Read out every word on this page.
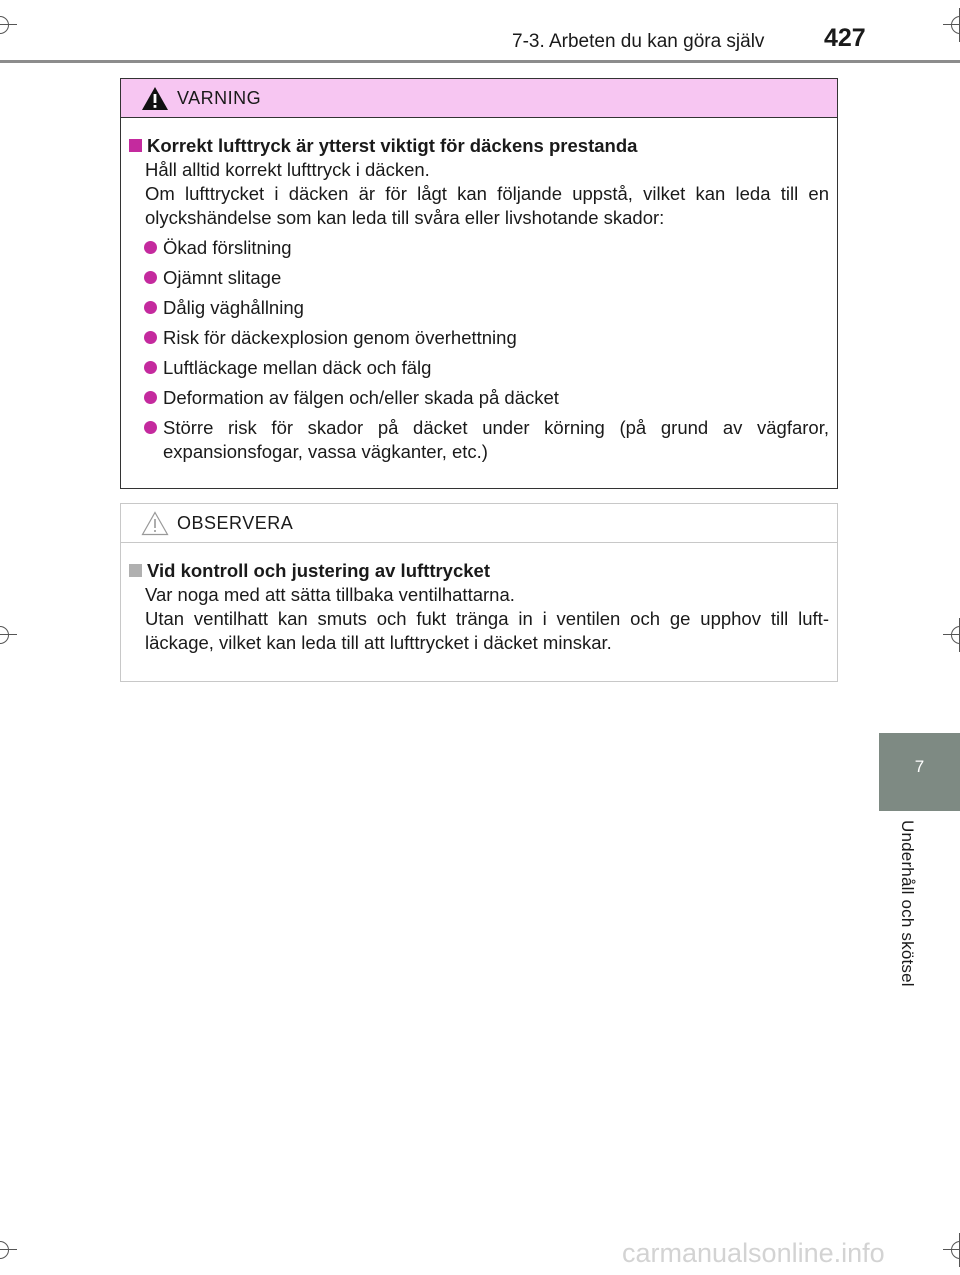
7-3. Arbeten du kan göra själv 427
VARNING
Korrekt lufttryck är ytterst viktigt för däckens prestanda
Håll alltid korrekt lufttryck i däcken.
Om lufttrycket i däcken är för lågt kan följande uppstå, vilket kan leda till en olyckshändelse som kan leda till svåra eller livshotande skador:
Ökad förslitning
Ojämnt slitage
Dålig väghållning
Risk för däckexplosion genom överhettning
Luftläckage mellan däck och fälg
Deformation av fälgen och/eller skada på däcket
Större risk för skador på däcket under körning (på grund av vägfaror, expansionsfogar, vassa vägkanter, etc.)
OBSERVERA
Vid kontroll och justering av lufttrycket
Var noga med att sätta tillbaka ventilhattarna.
Utan ventilhatt kan smuts och fukt tränga in i ventilen och ge upphov till luft-läckage, vilket kan leda till att lufttrycket i däcket minskar.
7
Underhåll och skötsel
carmanualsonline.info
